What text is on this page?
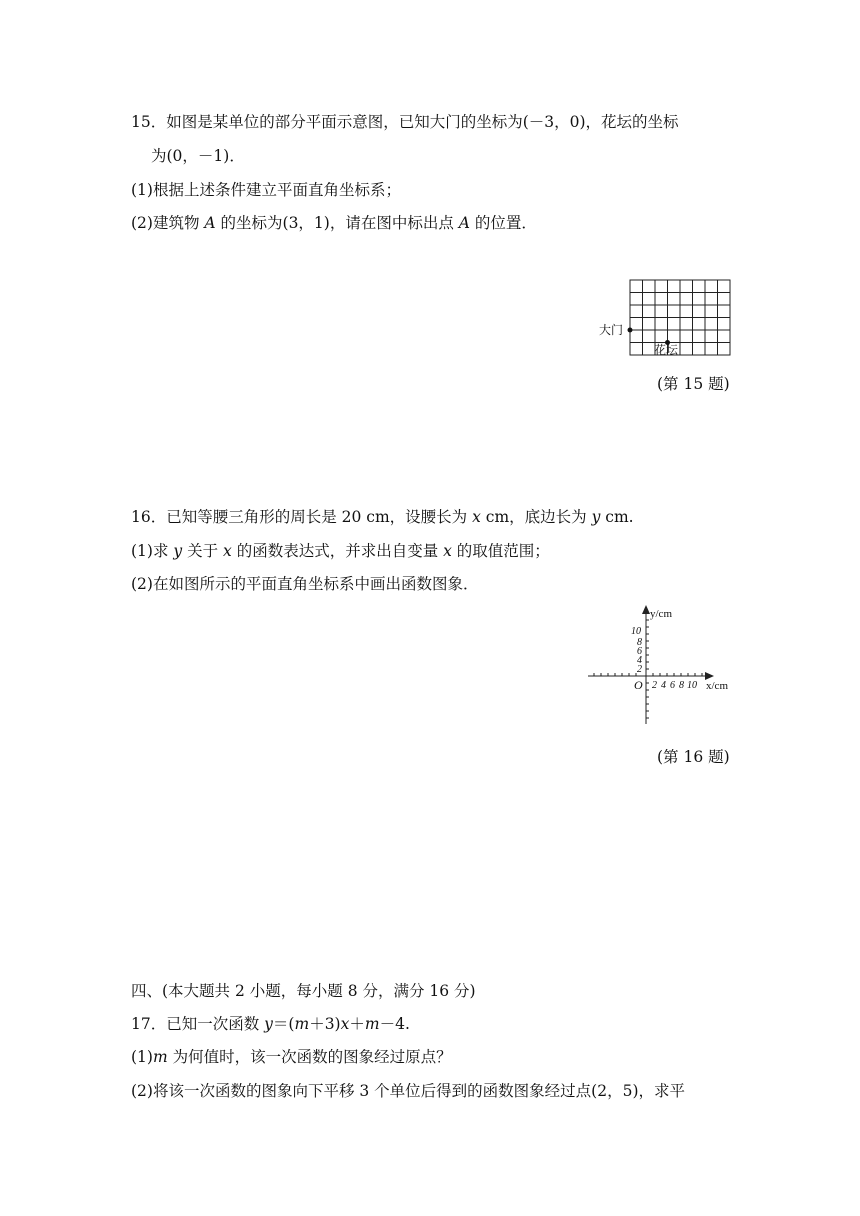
15．如图是某单位的部分平面示意图，已知大门的坐标为(－3，0)，花坛的坐标
为(0，－1)．
(1)根据上述条件建立平面直角坐标系；
(2)建筑物 A 的坐标为(3，1)，请在图中标出点 A 的位置．
大门
花坛
(第 15 题)
16．已知等腰三角形的周长是 20 cm，设腰长为 x cm，底边长为 y cm.
(1)求 y 关于 x 的函数表达式，并求出自变量 x 的取值范围；
(2)在如图所示的平面直角坐标系中画出函数图象．
y/cm
x/cm
O
10
8
6
4
2
2 4 6 8 10
(第 16 题)
四、(本大题共 2 小题，每小题 8 分，满分 16 分)
17．已知一次函数 y＝(m＋3)x＋m－4.
(1)m 为何值时，该一次函数的图象经过原点？
(2)将该一次函数的图象向下平移 3 个单位后得到的函数图象经过点(2，5)，求平
